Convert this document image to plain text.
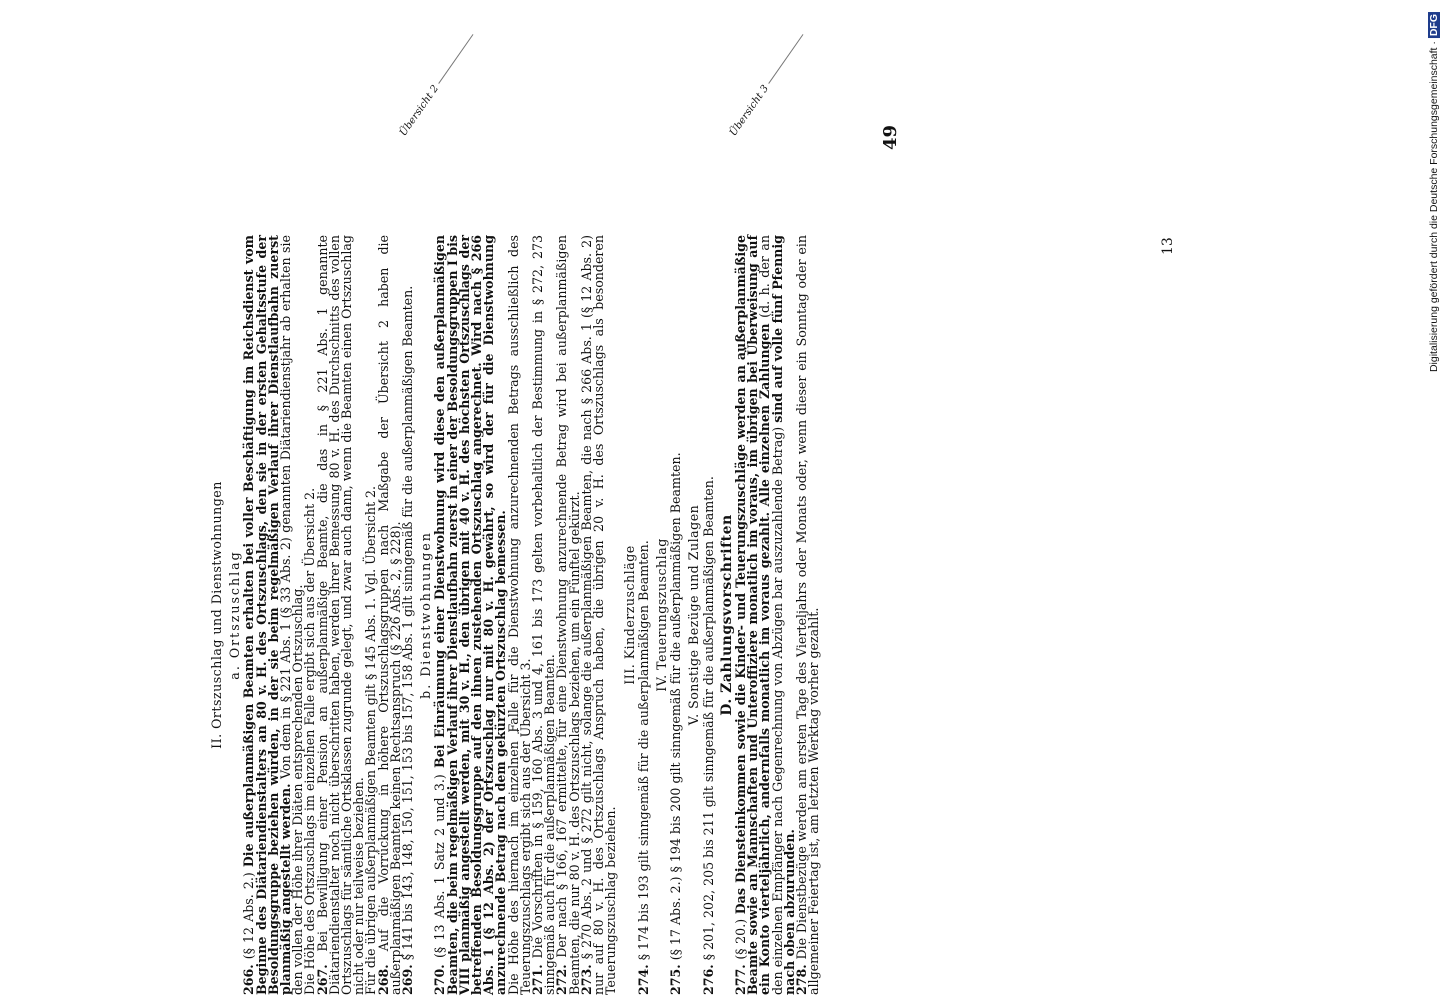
49
13
Übersicht 2	Übersicht 3	Digitalisierung gefördert durch die Deutsche Forschungsgemeinschaft · DFG
II. Ortszuschlag und Dienstwohnungen a. Ortszuschlag

266. (§ 12 Abs. 2.) Die außerplanmäßigen Beamten erhalten bei voller Beschäftigung im Reichsdienst vom Beginne des Diätariendienstalters an 80 v. H. des Ortszuschlags, den sie in der ersten Gehaltsstufe der Besoldungsgruppe beziehen würden, in der sie beim regelmäßigen Verlauf ihrer Dienstlaufbahn zuerst planmäßig angestellt werden. Von dem in § 221 Abs. 1 (§ 33 Abs. 2) genannten Diätariendienstjahr ab erhalten sie den vollen der Höhe ihrer Diäten entsprechenden Ortszuschlag.

Die Höhe des Ortszuschlags im einzelnen Falle ergibt sich aus der Übersicht 2.

267. Bei Bewilligung einer Pension an außerplanmäßige Beamte, die das in § 221 Abs. 1 genannte Diätariendienstalter noch nicht überschritten haben, werden ihrer Bemessung 80 v. H. des Durchschnitts des vollen Ortszuschlags für sämtliche Ortsklassen zugrunde gelegt, und zwar auch dann, wenn die Beamten einen Ortszuschlag nicht oder nur teilweise beziehen.

Für die übrigen außerplanmäßigen Beamten gilt § 145 Abs. 1. Vgl. Übersicht 2.

268. Auf die Vorrückung in höhere Ortszuschlagsgruppen nach Maßgabe der Übersicht 2 haben die außerplanmäßigen Beamten keinen Rechtsanspruch (§ 226 Abs. 2, § 228).

269. § 141 bis 143, 148, 150, 151, 153 bis 157, 158 Abs. 1 gilt sinngemäß für die außerplanmäßigen Beamten. b. Dienstwohnungen

270. (§ 13 Abs. 1 Satz 2 und 3.) Bei Einräumung einer Dienstwohnung wird diese den außerplanmäßigen Beamten, die beim regelmäßigen Verlauf ihrer Dienstlaufbahn zuerst in einer der Besoldungsgruppen I bis VIII planmäßig angestellt werden, mit 30 v. H., den übrigen mit 40 v. H. des höchsten Ortszuschlags der betreffenden Besoldungsgruppe auf den ihnen zustehenden Ortszuschlag angerechnet. Wird nach § 266 Abs. 1 (§ 12 Abs. 2) der Ortszuschlag nur mit 80 v. H. gewährt, so wird der für die Dienstwohnung anzurechnende Betrag nach dem gekürzten Ortszuschlag bemessen.

Die Höhe des hiernach im einzelnen Falle für die Dienstwohnung anzurechnenden Betrags ausschließlich des Teuerungszuschlags ergibt sich aus der Übersicht 3.

271. Die Vorschriften in § 159, 160 Abs. 3 und 4, 161 bis 173 gelten vorbehaltlich der Bestimmung in § 272, 273 sinngemäß auch für die außerplanmäßigen Beamten.

272. Der nach § 166, 167 ermittelte, für eine Dienstwohnung anzurechnende Betrag wird bei außerplanmäßigen Beamten, die nur 80 v. H. des Ortszuschlags beziehen, um ein Fünftel gekürzt.

273. § 270 Abs. 2 und § 272 gilt nicht, solange die außerplanmäßigen Beamten, die nach § 266 Abs. 1 (§ 12 Abs. 2) nur auf 80 v. H. des Ortszuschlags Anspruch haben, die übrigen 20 v. H. des Ortszuschlags als besonderen Teuerungszuschlag beziehen.

III. Kinderzuschläge

274. § 174 bis 193 gilt sinngemäß für die außerplanmäßigen Beamten. IV. Teuerungszuschlag

275. (§ 17 Abs. 2.) § 194 bis 200 gilt sinngemäß für die außerplanmäßigen Beamten. V. Sonstige Bezüge und Zulagen

276. § 201, 202, 205 bis 211 gilt sinngemäß für die außerplanmäßigen Beamten. D. Zahlungsvorschriften

277. (§ 20.) Das Diensteinkommen sowie die Kinder- und Teuerungszuschläge werden an außerplanmäßige Beamte sowie an Mannschaften und Unteroffiziere monatlich im voraus, im übrigen bei Überweisung auf ein Konto vierteljährlich, andernfalls monatlich im voraus gezahlt. Alle einzelnen Zahlungen (d. h. der an den einzelnen Empfänger nach Gegenrechnung von Abzügen bar auszuzahlende Betrag) sind auf volle fünf Pfennig nach oben abzurunden.

278. Die Dienstbezüge werden am ersten Tage des Vierteljahrs oder Monats oder, wenn dieser ein Sonntag oder ein allgemeiner Feiertag ist, am letzten Werktag vorher gezahlt.
